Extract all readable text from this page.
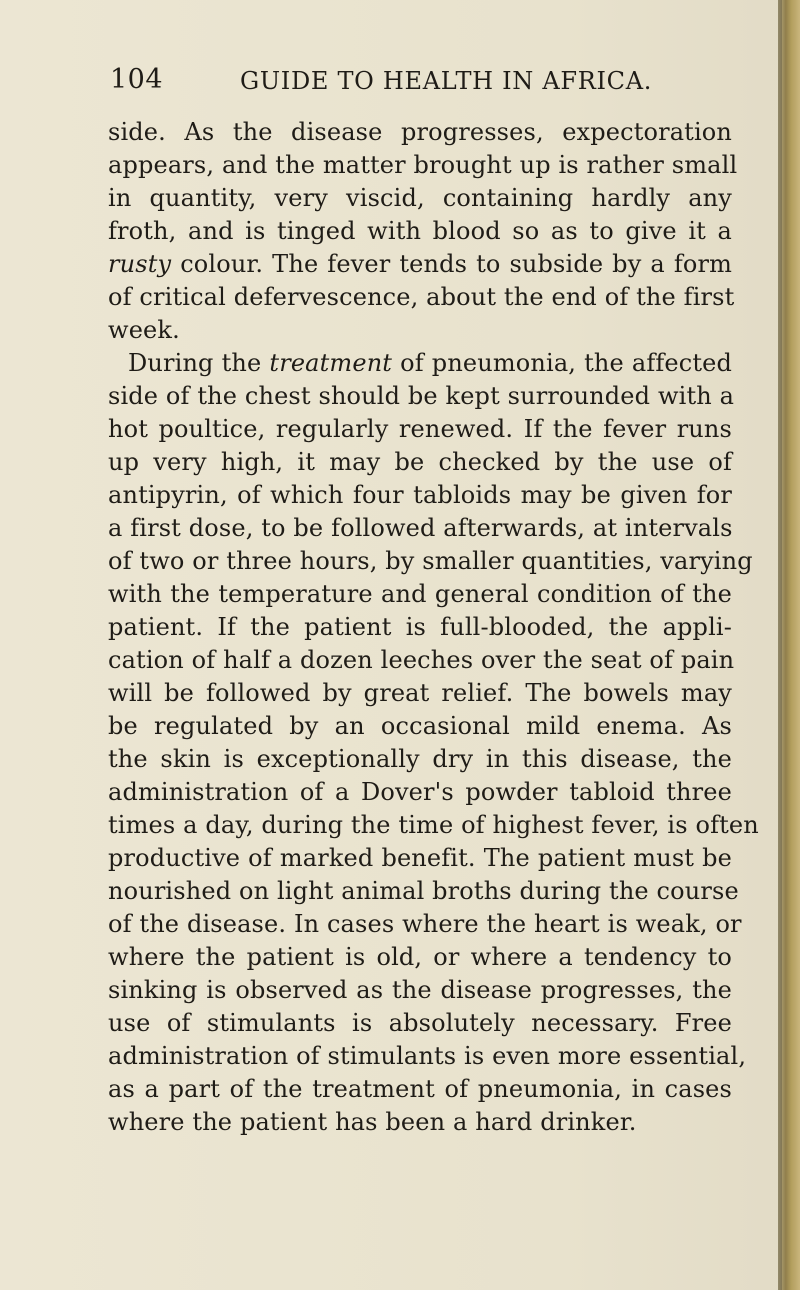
104	GUIDE TO HEALTH IN AFRICA.
side. As the disease progresses, expectoration
appears, and the matter brought up is rather small
in quantity, very viscid, containing hardly any
froth, and is tinged with blood so as to give it a
rusty colour. The fever tends to subside by a form
of critical defervescence, about the end of the first
week.
During the treatment of pneumonia, the affected
side of the chest should be kept surrounded with a
hot poultice, regularly renewed. If the fever runs
up very high, it may be checked by the use of
antipyrin, of which four tabloids may be given for
a first dose, to be followed afterwards, at intervals
of two or three hours, by smaller quantities, varying
with the temperature and general condition of the
patient. If the patient is full-blooded, the appli-
cation of half a dozen leeches over the seat of pain
will be followed by great relief. The bowels may
be regulated by an occasional mild enema. As
the skin is exceptionally dry in this disease, the
administration of a Dover's powder tabloid three
times a day, during the time of highest fever, is often
productive of marked benefit. The patient must be
nourished on light animal broths during the course
of the disease. In cases where the heart is weak, or
where the patient is old, or where a tendency to
sinking is observed as the disease progresses, the
use of stimulants is absolutely necessary. Free
administration of stimulants is even more essential,
as a part of the treatment of pneumonia, in cases
where the patient has been a hard drinker.
